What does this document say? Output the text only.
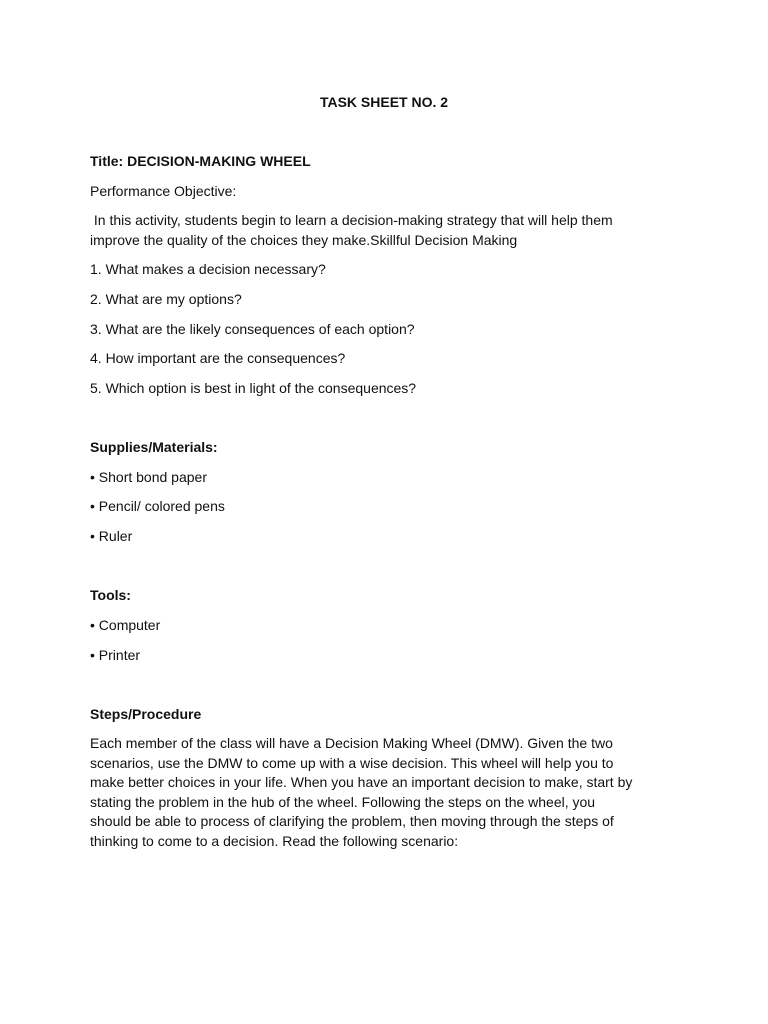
TASK SHEET NO. 2

Title: DECISION-MAKING WHEEL

Performance Objective:

In this activity, students begin to learn a decision-making strategy that will help them

improve the quality of the choices they make.Skillful Decision Making

1. What makes a decision necessary?

2. What are my options?

3. What are the likely consequences of each option?

4. How important are the consequences?

5. Which option is best in light of the consequences?

Supplies/Materials:

• Short bond paper

• Pencil/ colored pens

• Ruler

Tools:

• Computer

• Printer

Steps/Procedure

Each member of the class will have a Decision Making Wheel (DMW). Given the two

scenarios, use the DMW to come up with a wise decision. This wheel will help you to

make better choices in your life. When you have an important decision to make, start by

stating the problem in the hub of the wheel. Following the steps on the wheel, you

should be able to process of clarifying the problem, then moving through the steps of

thinking to come to a decision. Read the following scenario:
